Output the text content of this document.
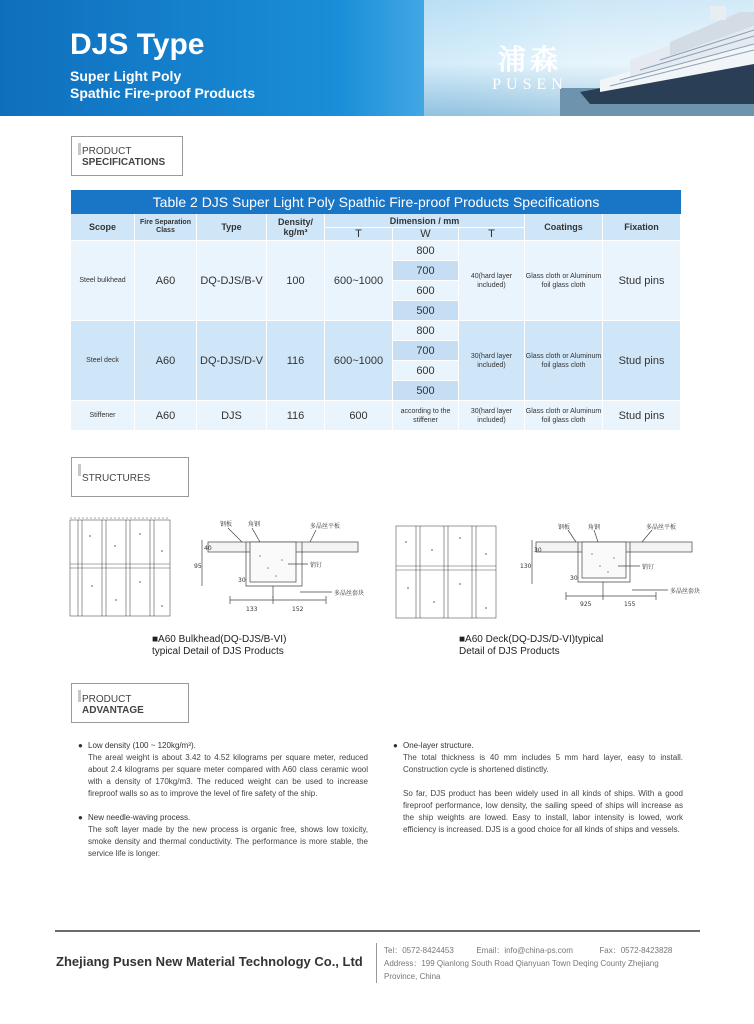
DJS Type
Super Light Poly
Spathic Fire-proof Products
浦森
PUSEN
PRODUCT
SPECIFICATIONS
Table 2 DJS Super Light Poly Spathic Fire-proof Products Specifications
Scope	Fire Separation Class	Type	Density/ kg/m³	Dimension / mm			Coatings	Fixation
				T	W	T		
Steel bulkhead	A60	DQ-DJS/B-V	100	600~1000	800	40(hard layer included)	Glass cloth or Aluminum foil glass cloth	Stud pins
					700			
					600			
					500			
Steel deck	A60	DQ-DJS/D-V	116	600~1000	800	30(hard layer included)	Glass cloth or Aluminum foil glass cloth	Stud pins
					700			
					600			
					500			
Stiffener	A60	DJS	116	600	according to the stiffener	30(hard layer included)	Glass cloth or Aluminum foil glass cloth	Stud pins
STRUCTURES
钢板	角钢	多晶丝平板
销钉
多晶丝套块
40
30
133	152
95
■A60 Bulkhead(DQ-DJS/B-VI)
typical Detail of DJS Products
钢板	角钢	多晶丝平板
销钉
多晶丝套块
30
30
925	155
130
■A60 Deck(DQ-DJS/D-VI)typical
Detail of DJS Products
PRODUCT
ADVANTAGE
● Low density (100 ~ 120kg/m³).

The areal weight is about 3.42 to 4.52 kilograms per square meter, reduced about 2.4 kilograms per square meter compared with A60 class ceramic wool with a density of 170kg/m3. The reduced weight can be used to increase fireproof walls so as to improve the level of fire safety of the ship.

● New needle-waving process.

The soft layer made by the new process is organic free, shows low toxicity, smoke density and thermal conductivity. The performance is more stable, the service life is longer.

● One-layer structure.

The total thickness is 40 mm includes 5 mm hard layer, easy to install. Construction cycle is shortened distinctly.

So far, DJS product has been widely used in all kinds of ships. With a good fireproof performance, low density, the sailing speed of ships will increase as the ship weights are lowed. Easy to install, labor intensity is lowed, work efficiency is increased. DJS is a good choice for all kinds of ships and vessels.

Zhejiang Pusen New Material Technology Co., Ltd
Tel：0572-8424453	Email：info@china-ps.com	Fax：0572-8423828
Address：199 Qianlong South Road Qianyuan Town Deqing County Zhejiang
Province, China
